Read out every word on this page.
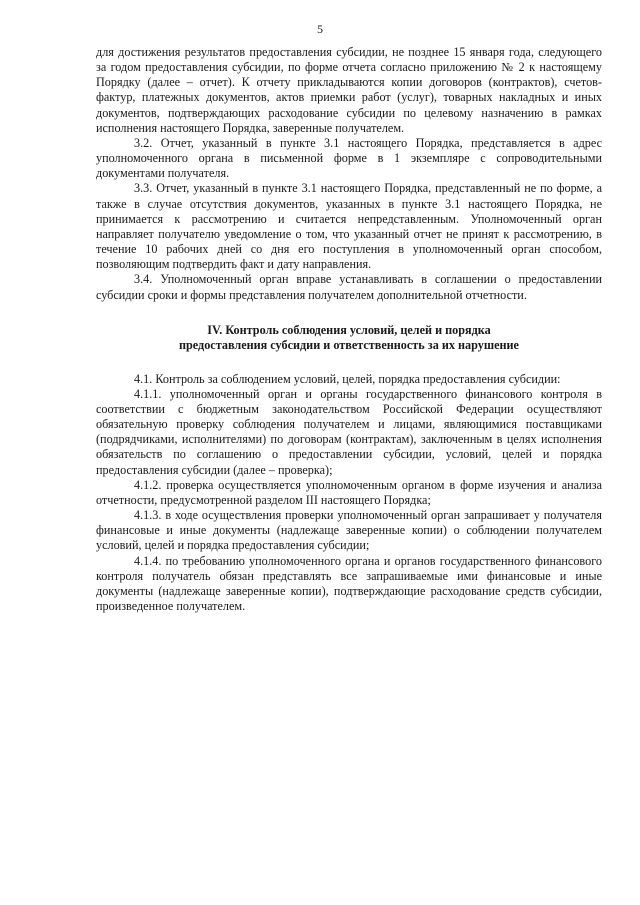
5

для достижения результатов предоставления субсидии, не позднее 15 января года, следующего за годом предоставления субсидии, по форме отчета согласно приложению № 2 к настоящему Порядку (далее – отчет). К отчету прикладываются копии договоров (контрактов), счетов-фактур, платежных документов, актов приемки работ (услуг), товарных накладных и иных документов, подтверждающих расходование субсидии по целевому назначению в рамках исполнения настоящего Порядка, заверенные получателем.

3.2. Отчет, указанный в пункте 3.1 настоящего Порядка, представляется в адрес уполномоченного органа в письменной форме в 1 экземпляре с сопроводительными документами получателя.

3.3. Отчет, указанный в пункте 3.1 настоящего Порядка, представленный не по форме, а также в случае отсутствия документов, указанных в пункте 3.1 настоящего Порядка, не принимается к рассмотрению и считается непредставленным. Уполномоченный орган направляет получателю уведомление о том, что указанный отчет не принят к рассмотрению, в течение 10 рабочих дней со дня его поступления в уполномоченный орган способом, позволяющим подтвердить факт и дату направления.

3.4. Уполномоченный орган вправе устанавливать в соглашении о предоставлении субсидии сроки и формы представления получателем дополнительной отчетности.

IV. Контроль соблюдения условий, целей и порядка
предоставления субсидии и ответственность за их нарушение

4.1. Контроль за соблюдением условий, целей, порядка предоставления субсидии:

4.1.1. уполномоченный орган и органы государственного финансового контроля в соответствии с бюджетным законодательством Российской Федерации осуществляют обязательную проверку соблюдения получателем и лицами, являющимися поставщиками (подрядчиками, исполнителями) по договорам (контрактам), заключенным в целях исполнения обязательств по соглашению о предоставлении субсидии, условий, целей и порядка предоставления субсидии (далее – проверка);

4.1.2. проверка осуществляется уполномоченным органом в форме изучения и анализа отчетности, предусмотренной разделом III настоящего Порядка;

4.1.3. в ходе осуществления проверки уполномоченный орган запрашивает у получателя финансовые и иные документы (надлежаще заверенные копии) о соблюдении получателем условий, целей и порядка предоставления субсидии;

4.1.4. по требованию уполномоченного органа и органов государственного финансового контроля получатель обязан представлять все запрашиваемые ими финансовые и иные документы (надлежаще заверенные копии), подтверждающие расходование средств субсидии, произведенное получателем.
